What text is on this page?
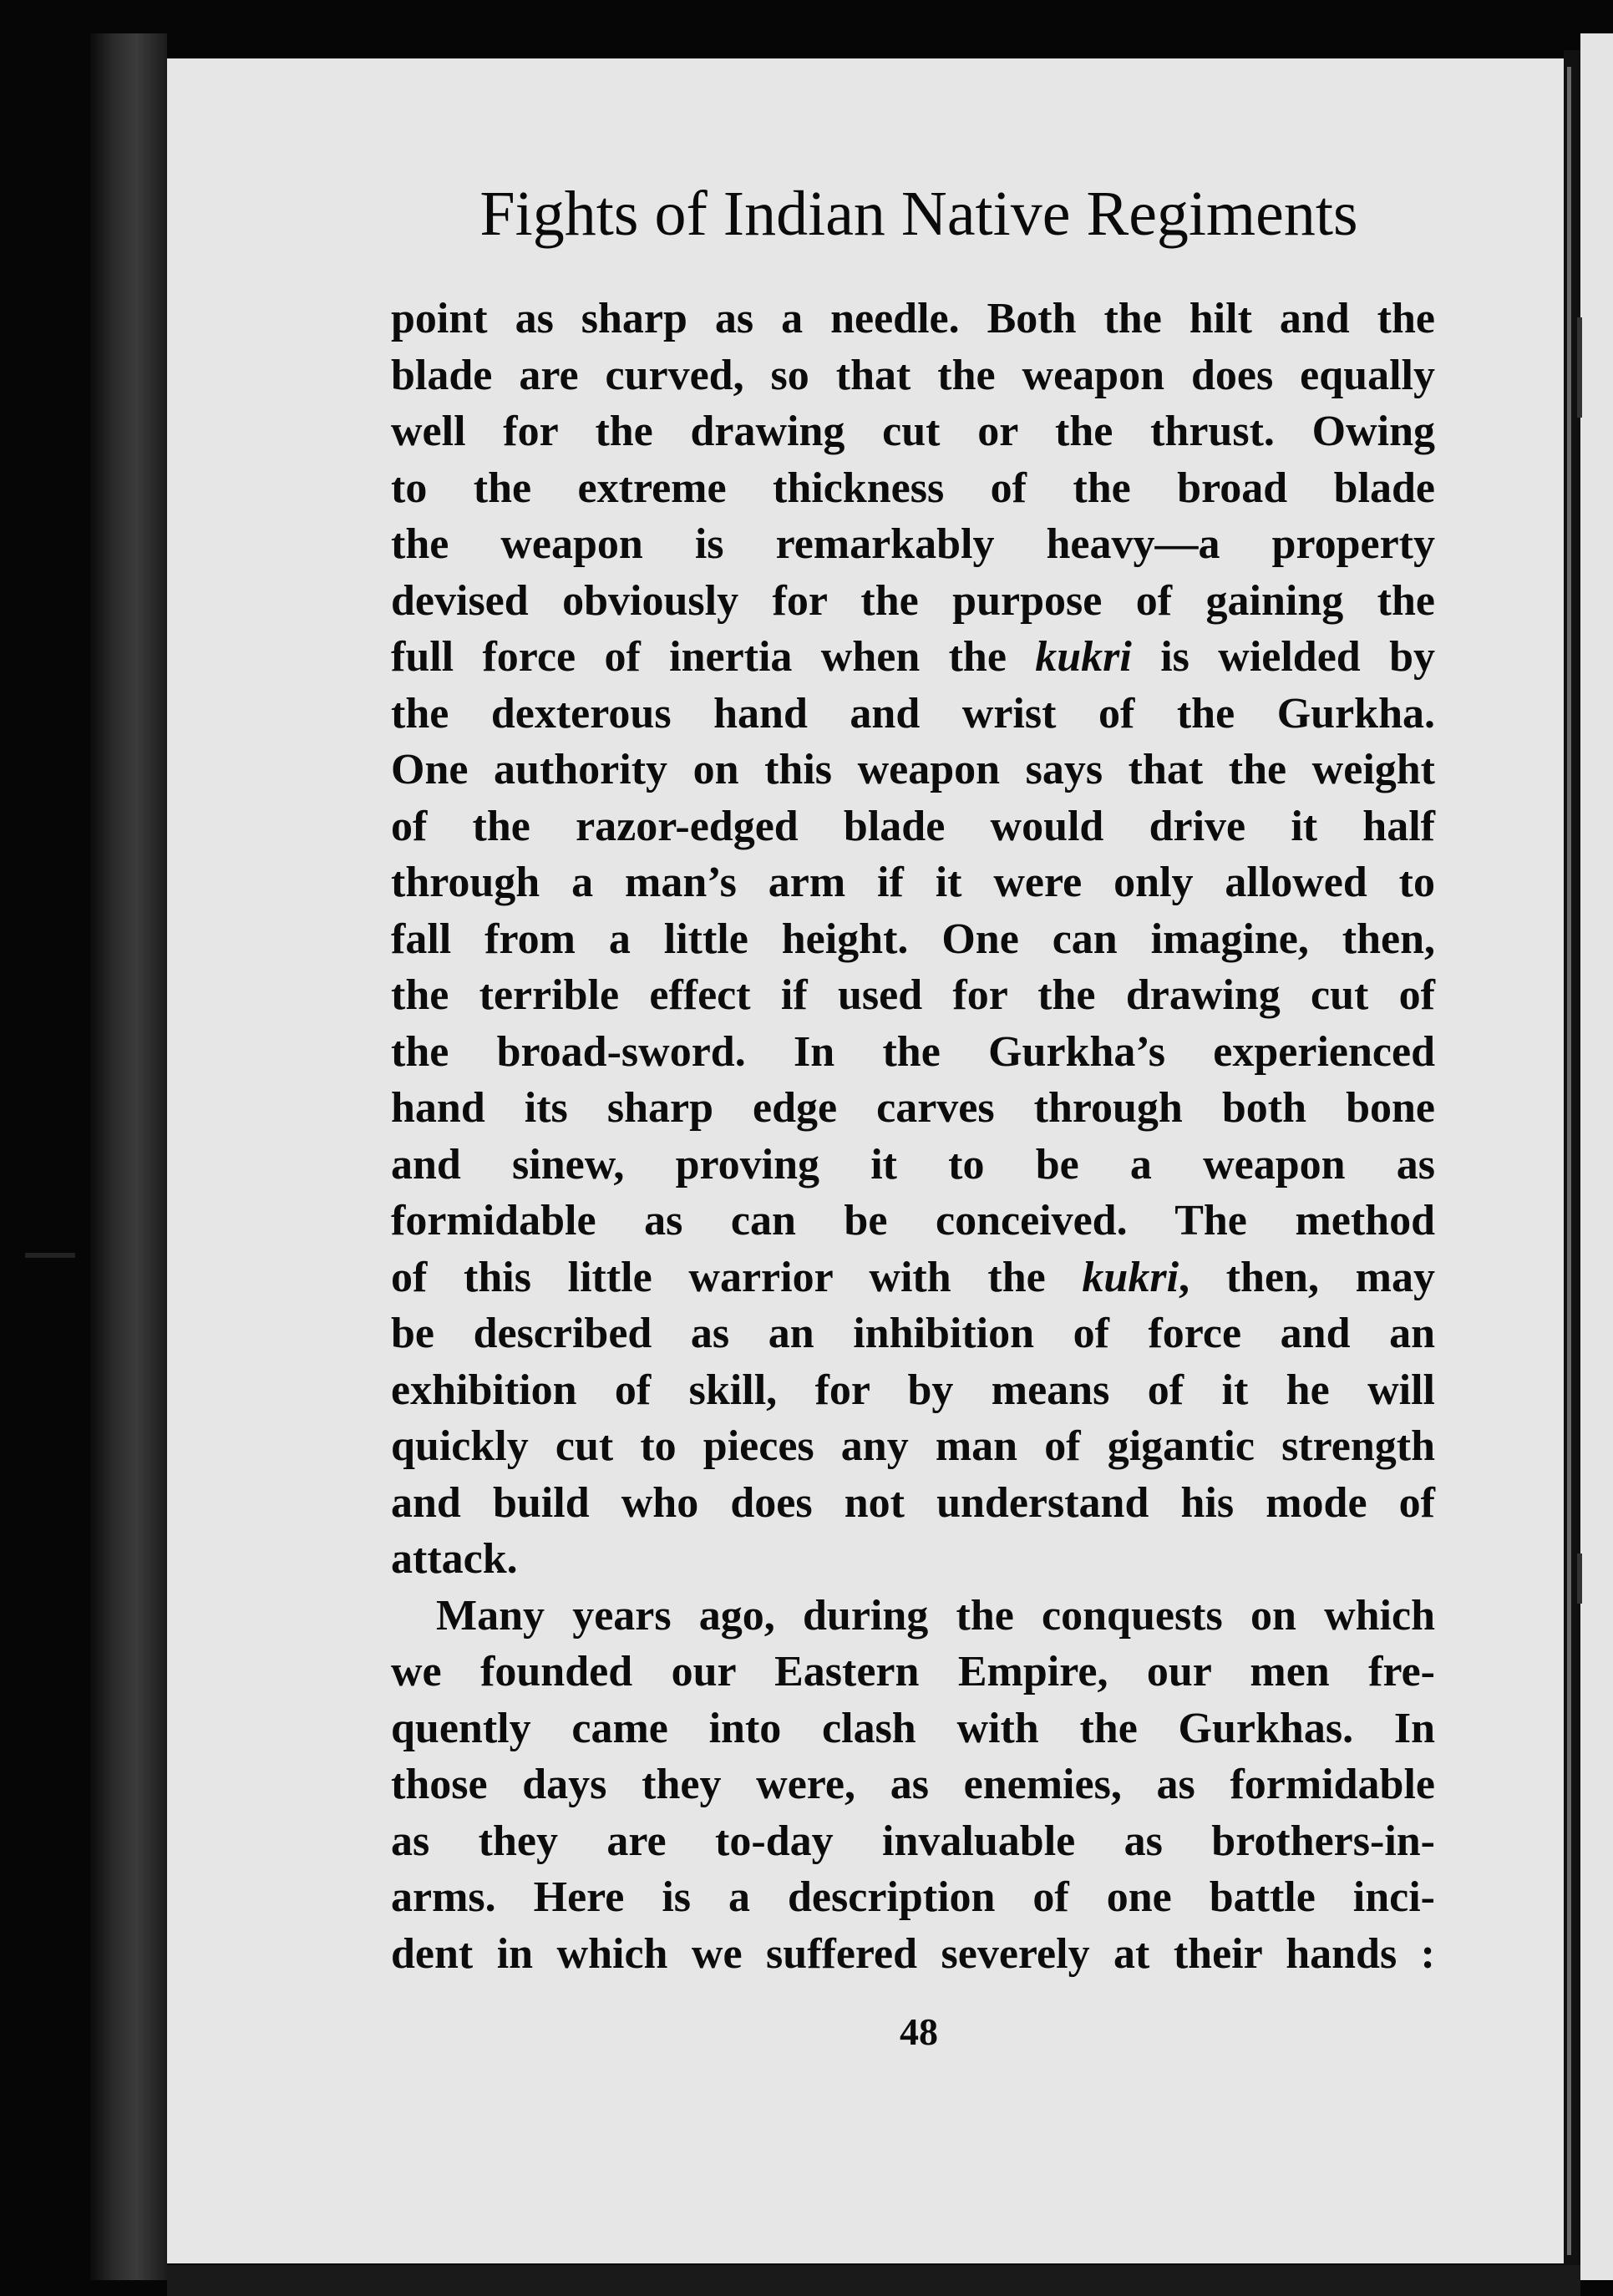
Fights of Indian Native Regiments
point as sharp as a needle. Both the hilt and the
blade are curved, so that the weapon does equally
well for the drawing cut or the thrust. Owing
to the extreme thickness of the broad blade
the weapon is remarkably heavy—a property
devised obviously for the purpose of gaining the
full force of inertia when the kukri is wielded by
the dexterous hand and wrist of the Gurkha.
One authority on this weapon says that the weight
of the razor-edged blade would drive it half
through a man’s arm if it were only allowed to
fall from a little height. One can imagine, then,
the terrible effect if used for the drawing cut of
the broad-sword. In the Gurkha’s experienced
hand its sharp edge carves through both bone
and sinew, proving it to be a weapon as
formidable as can be conceived. The method
of this little warrior with the kukri, then, may
be described as an inhibition of force and an
exhibition of skill, for by means of it he will
quickly cut to pieces any man of gigantic strength
and build who does not understand his mode of
attack.
Many years ago, during the conquests on which
we founded our Eastern Empire, our men fre-
quently came into clash with the Gurkhas. In
those days they were, as enemies, as formidable
as they are to-day invaluable as brothers-in-
arms. Here is a description of one battle inci-
dent in which we suffered severely at their hands :
48
